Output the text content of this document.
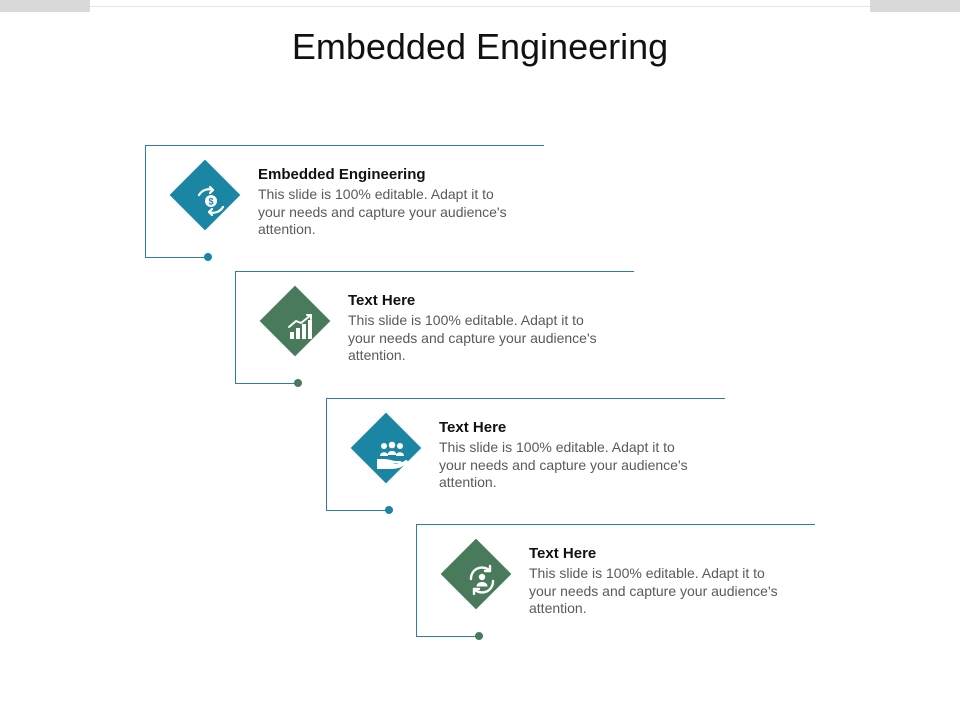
Embedded Engineering
$
Embedded Engineering
This slide is 100% editable. Adapt it to your needs and capture your audience's attention.
Text Here
This slide is 100% editable. Adapt it to your needs and capture your audience's attention.
Text Here
This slide is 100% editable. Adapt it to your needs and capture your audience's attention.
Text Here
This slide is 100% editable. Adapt it to your needs and capture your audience's attention.
